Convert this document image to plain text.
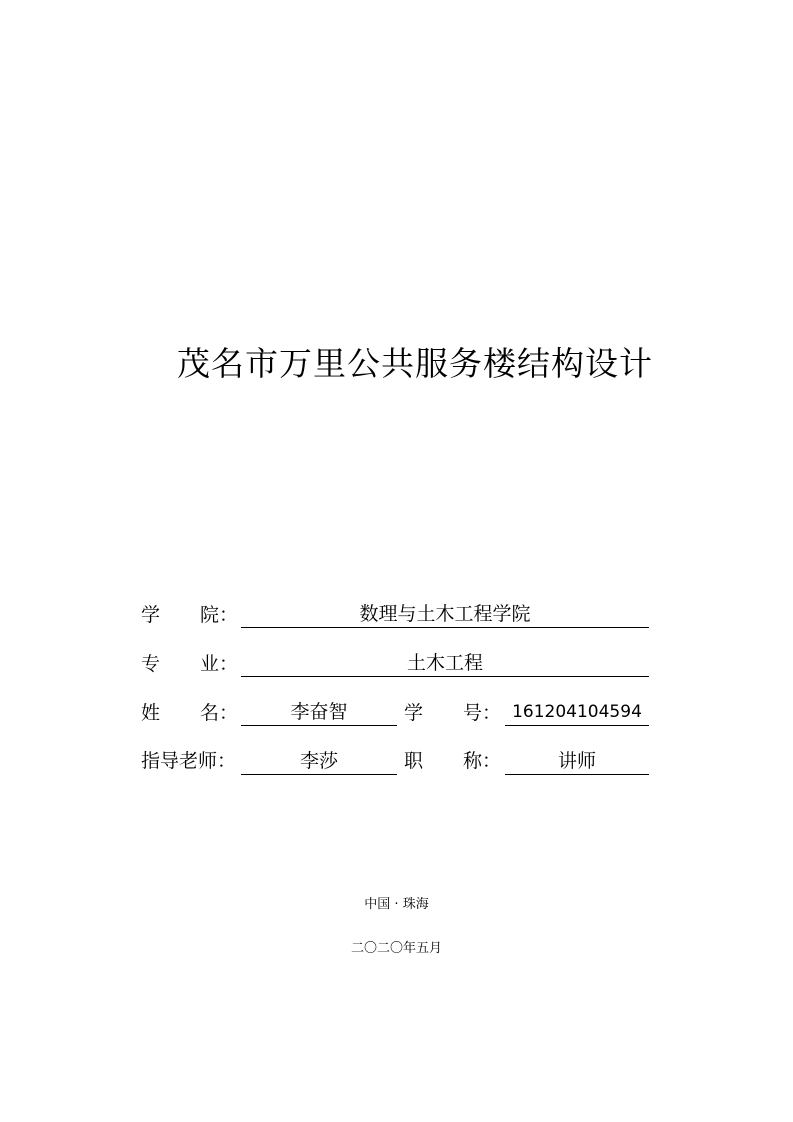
茂名市万里公共服务楼结构设计
学 院：	数理与土木工程学院
专 业：	土木工程
姓 名：	李奋智	学 号： 161204104594
指导老师：	李莎	职 称：	讲师
中国 · 珠海
二〇二〇年五月
